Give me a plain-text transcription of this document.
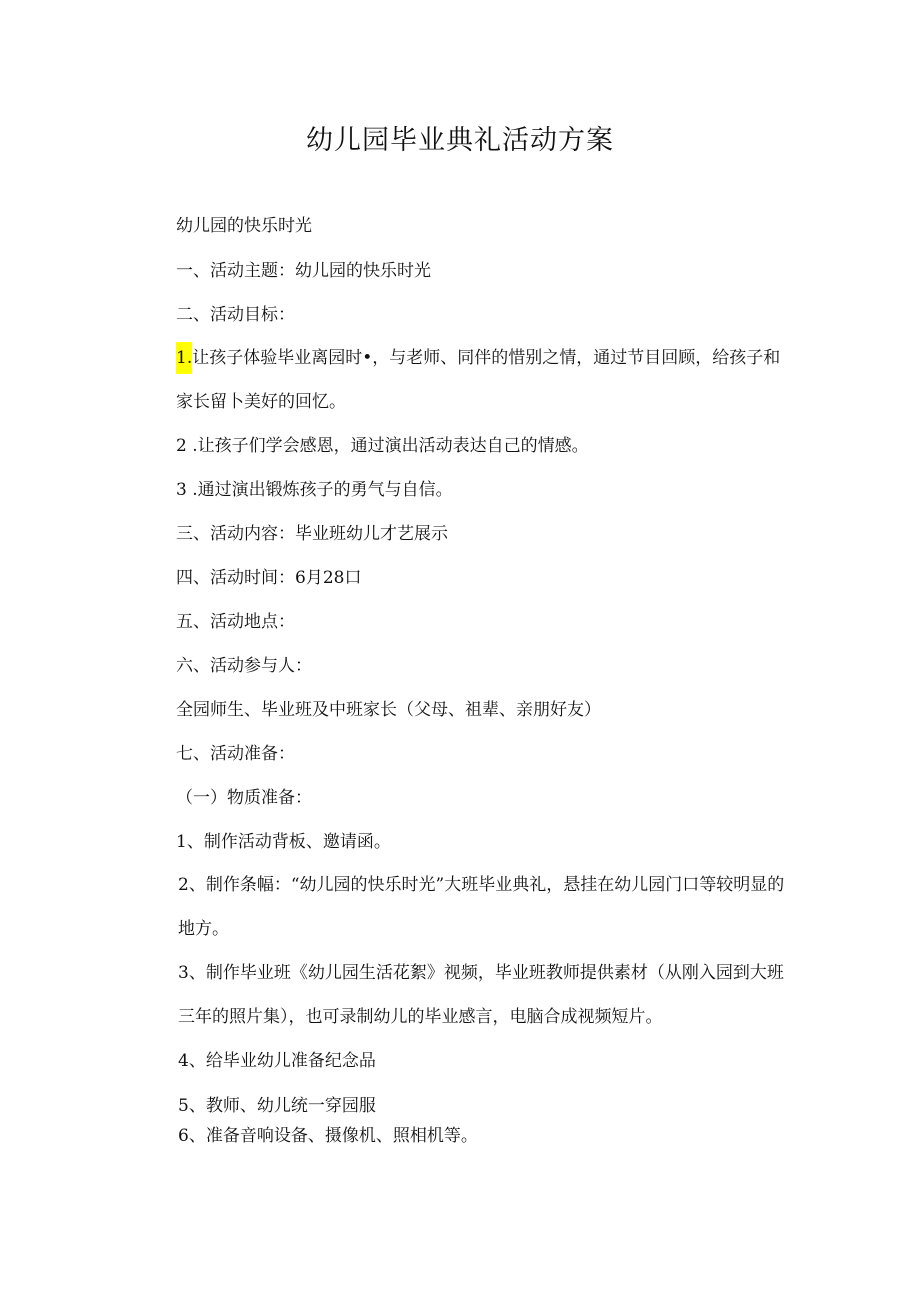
幼儿园毕业典礼活动方案
幼儿园的快乐时光
一、活动主题：幼儿园的快乐时光
二、活动目标：
1.让孩子体验毕业离园时•，与老师、同伴的惜别之情，通过节目回顾，给孩子和家长留卜美好的回忆。
2 .让孩子们学会感恩，通过演出活动表达自己的情感。
3 .通过演出锻炼孩子的勇气与自信。
三、活动内容：毕业班幼儿才艺展示
四、活动时间：6月28口
五、活动地点：
六、活动参与人：
全园师生、毕业班及中班家长（父母、祖辈、亲朋好友）
七、活动准备：
（一）物质准备：
1、制作活动背板、邀请函。
2、制作条幅：“幼儿园的快乐时光”大班毕业典礼，悬挂在幼儿园门口等较明显的地方。
3、制作毕业班《幼儿园生活花絮》视频，毕业班教师提供素材（从刚入园到大班三年的照片集），也可录制幼儿的毕业感言，电脑合成视频短片。
4、给毕业幼儿准备纪念品
5、教师、幼儿统一穿园服
6、准备音响设备、摄像机、照相机等。
